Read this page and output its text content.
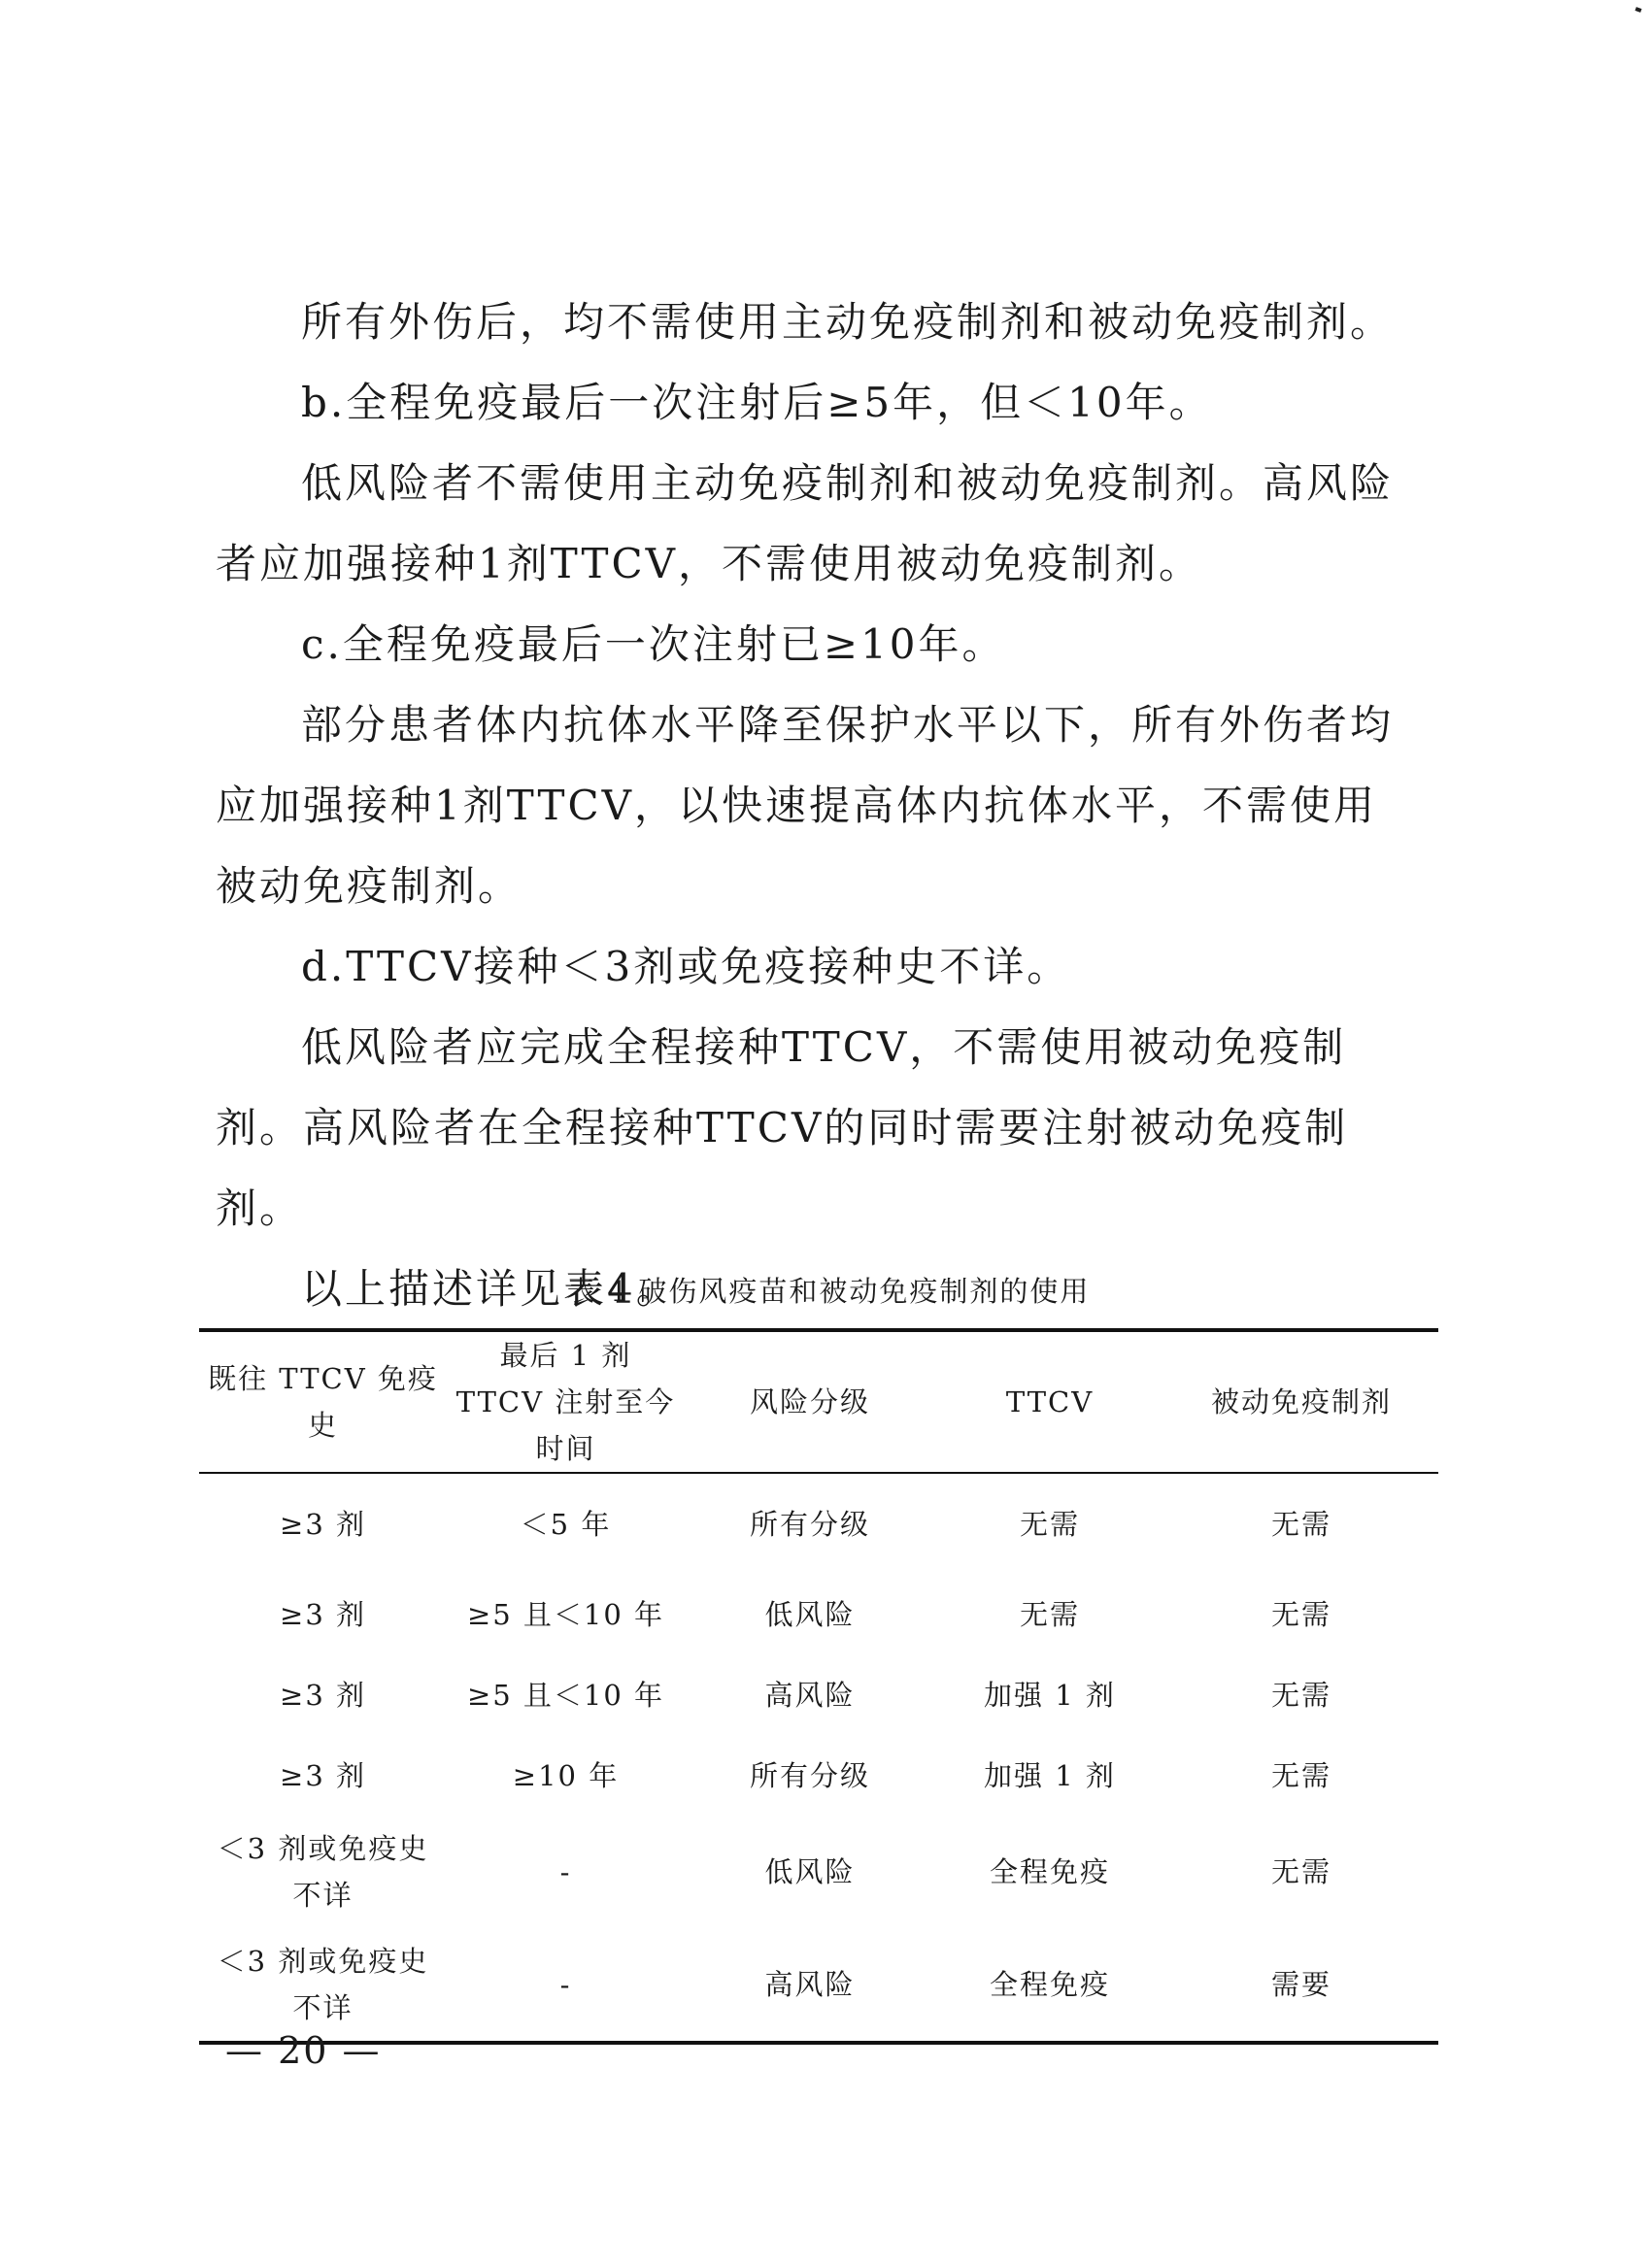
所有外伤后，均不需使用主动免疫制剂和被动免疫制剂。

b.全程免疫最后一次注射后≥5年，但＜10年。

低风险者不需使用主动免疫制剂和被动免疫制剂。高风险者应加强接种1剂TTCV，不需使用被动免疫制剂。

c.全程免疫最后一次注射已≥10年。

部分患者体内抗体水平降至保护水平以下，所有外伤者均应加强接种1剂TTCV，以快速提高体内抗体水平，不需使用被动免疫制剂。

d.TTCV接种＜3剂或免疫接种史不详。

低风险者应完成全程接种TTCV，不需使用被动免疫制剂。高风险者在全程接种TTCV的同时需要注射被动免疫制剂。

以上描述详见表4。

表 4 破伤风疫苗和被动免疫制剂的使用
既往 TTCV 免疫史	最后 1 剂 TTCV 注射至今时间	风险分级	TTCV	被动免疫制剂
≥3 剂	＜5 年	所有分级	无需	无需
≥3 剂	≥5 且＜10 年	低风险	无需	无需
≥3 剂	≥5 且＜10 年	高风险	加强 1 剂	无需
≥3 剂	≥10 年	所有分级	加强 1 剂	无需
＜3 剂或免疫史不详	-	低风险	全程免疫	无需
＜3 剂或免疫史不详	-	高风险	全程免疫	需要
— 20 —
